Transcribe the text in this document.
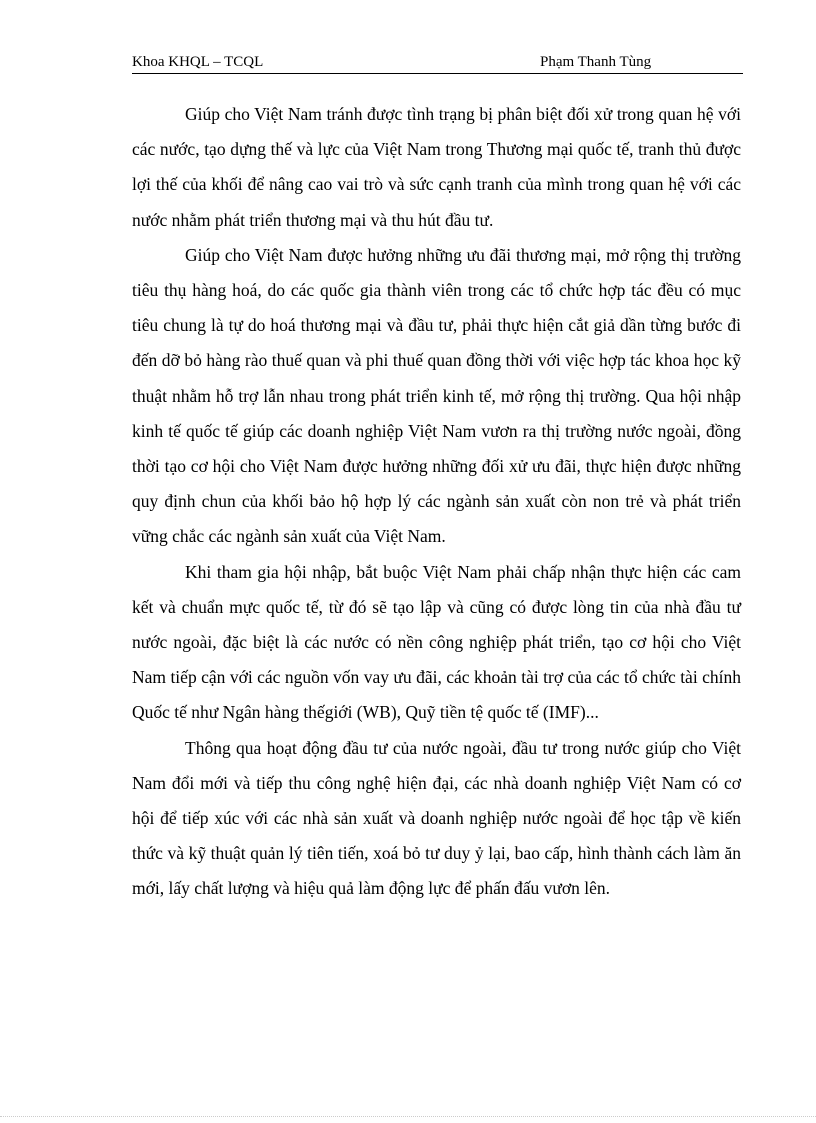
Khoa KHQL – TCQL	Phạm Thanh Tùng

Giúp cho Việt Nam tránh được tình trạng bị phân biệt đối xử trong quan hệ với các nước, tạo dựng thế và lực của Việt Nam trong Thương mại quốc tế, tranh thủ được lợi thế của khối để nâng cao vai trò và sức cạnh tranh của mình trong quan hệ với các nước nhằm phát triển thương mại và thu hút đầu tư.

Giúp cho Việt Nam được hưởng những ưu đãi thương mại, mở rộng thị trường tiêu thụ hàng hoá, do các quốc gia thành viên trong các tổ chức hợp tác đều có mục tiêu chung là tự do hoá thương mại và đầu tư, phải thực hiện cắt giả dần từng bước đi đến dỡ bỏ hàng rào thuế quan và phi thuế quan đồng thời với việc hợp tác khoa học kỹ thuật nhằm hỗ trợ lẫn nhau trong phát triển kinh tế, mở rộng thị trường. Qua hội nhập kinh tế quốc tế giúp các doanh nghiệp Việt Nam vươn ra thị trường nước ngoài, đồng thời tạo cơ hội cho Việt Nam được hưởng những đối xử ưu đãi, thực hiện được những quy định chun của khối bảo hộ hợp lý các ngành sản xuất còn non trẻ và phát triển vững chắc các ngành sản xuất của Việt Nam.

Khi tham gia hội nhập, bắt buộc Việt Nam phải chấp nhận thực hiện các cam kết và chuẩn mực quốc tế, từ đó sẽ tạo lập và cũng có được lòng tin của nhà đầu tư nước ngoài, đặc biệt là các nước có nền công nghiệp phát triển, tạo cơ hội cho Việt Nam tiếp cận với các nguồn vốn vay ưu đãi, các khoản tài trợ của các tổ chức tài chính Quốc tế như Ngân hàng thếgiới (WB), Quỹ tiền tệ quốc tế (IMF)...

Thông qua hoạt động đầu tư của nước ngoài, đầu tư trong nước giúp cho Việt Nam đổi mới và tiếp thu công nghệ hiện đại, các nhà doanh nghiệp Việt Nam có cơ hội để tiếp xúc với các nhà sản xuất và doanh nghiệp nước ngoài để học tập về kiến thức và kỹ thuật quản lý tiên tiến, xoá bỏ tư duy ỷ lại, bao cấp, hình thành cách làm ăn mới, lấy chất lượng và hiệu quả làm động lực để phấn đấu vươn lên.
